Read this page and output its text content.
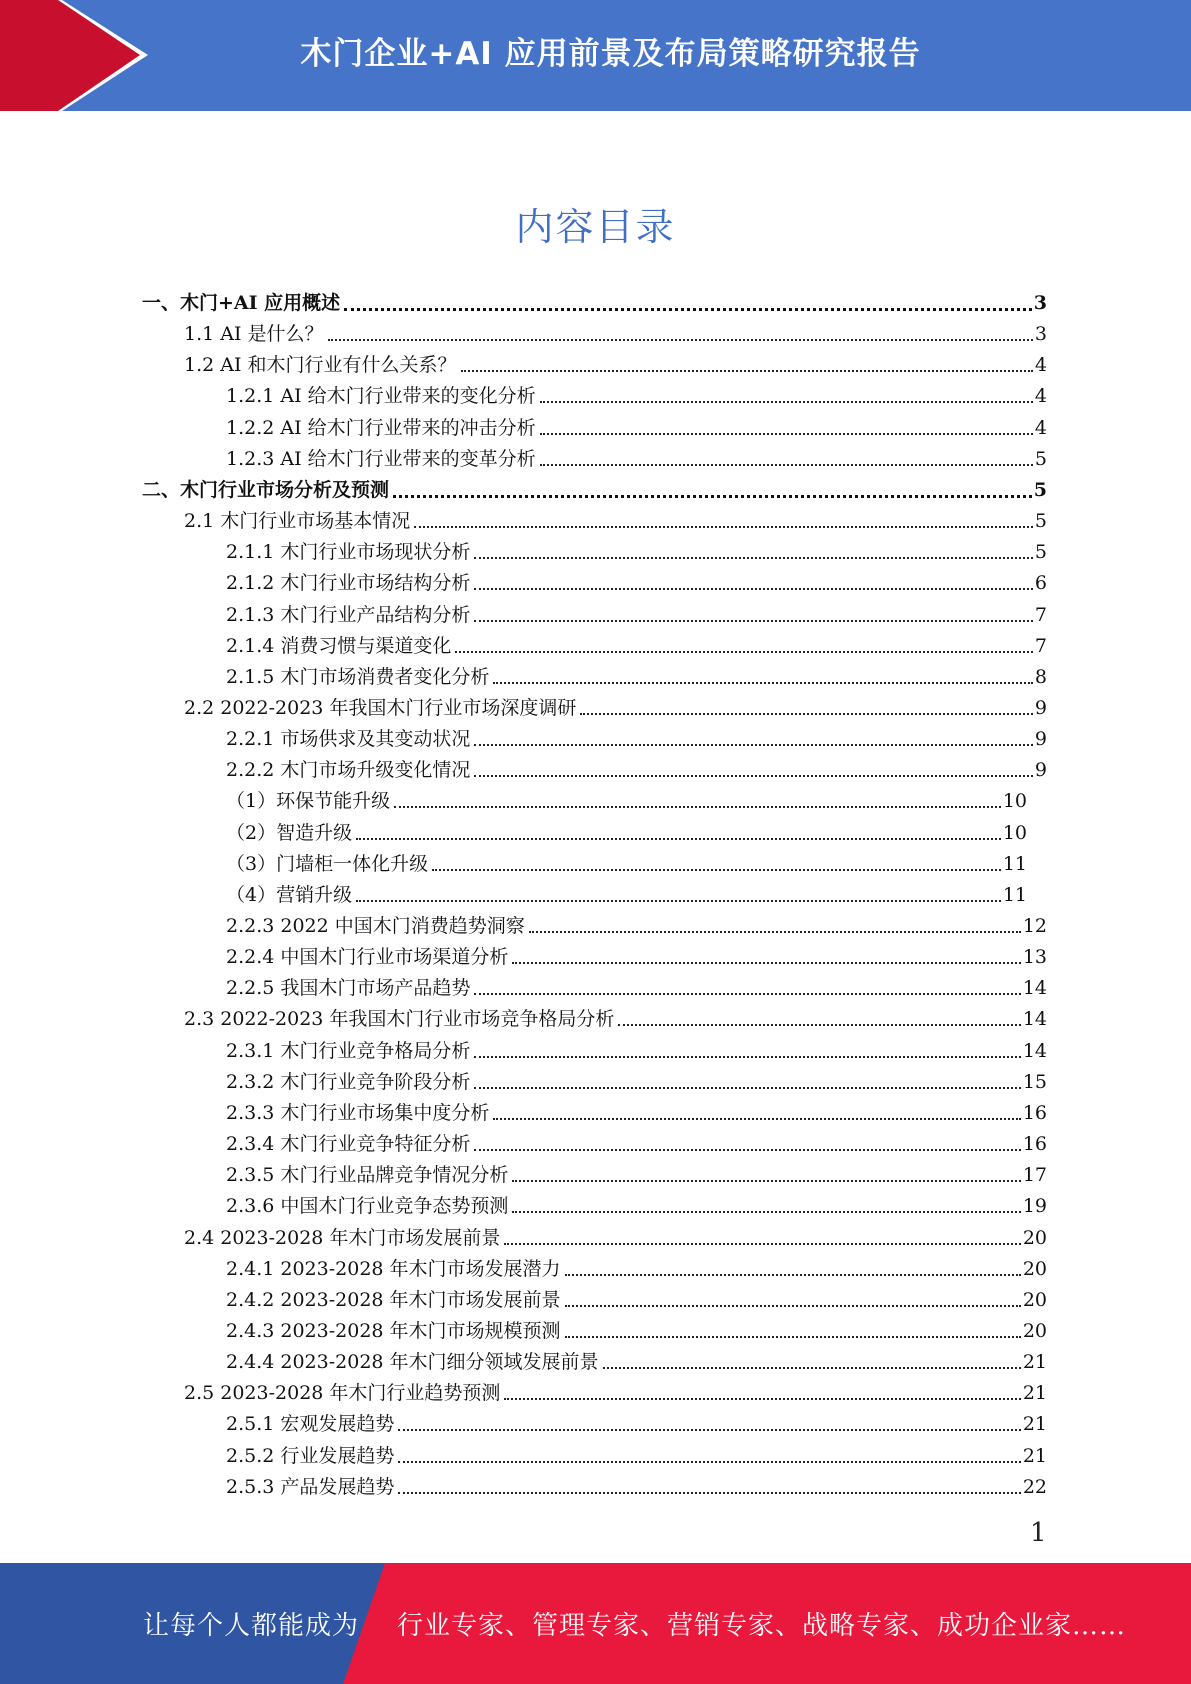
木门企业+AI 应用前景及布局策略研究报告
内容目录
一、木门+AI 应用概述	3
1.1 AI 是什么？	3
1.2 AI 和木门行业有什么关系？	4
1.2.1 AI 给木门行业带来的变化分析	4
1.2.2 AI 给木门行业带来的冲击分析	4
1.2.3 AI 给木门行业带来的变革分析	5
二、木门行业市场分析及预测	5
2.1 木门行业市场基本情况	5
2.1.1 木门行业市场现状分析	5
2.1.2 木门行业市场结构分析	6
2.1.3 木门行业产品结构分析	7
2.1.4 消费习惯与渠道变化	7
2.1.5 木门市场消费者变化分析	8
2.2 2022-2023 年我国木门行业市场深度调研	9
2.2.1 市场供求及其变动状况	9
2.2.2 木门市场升级变化情况	9
（1）环保节能升级	10
（2）智造升级	10
（3）门墙柜一体化升级	11
（4）营销升级	11
2.2.3 2022 中国木门消费趋势洞察	12
2.2.4 中国木门行业市场渠道分析	13
2.2.5 我国木门市场产品趋势	14
2.3 2022-2023 年我国木门行业市场竞争格局分析	14
2.3.1 木门行业竞争格局分析	14
2.3.2 木门行业竞争阶段分析	15
2.3.3 木门行业市场集中度分析	16
2.3.4 木门行业竞争特征分析	16
2.3.5 木门行业品牌竞争情况分析	17
2.3.6 中国木门行业竞争态势预测	19
2.4 2023-2028 年木门市场发展前景	20
2.4.1 2023-2028 年木门市场发展潜力	20
2.4.2 2023-2028 年木门市场发展前景	20
2.4.3 2023-2028 年木门市场规模预测	20
2.4.4 2023-2028 年木门细分领域发展前景	21
2.5 2023-2028 年木门行业趋势预测	21
2.5.1 宏观发展趋势	21
2.5.2 行业发展趋势	21
2.5.3 产品发展趋势	22
1
让每个人都能成为 行业专家、管理专家、营销专家、战略专家、成功企业家……
